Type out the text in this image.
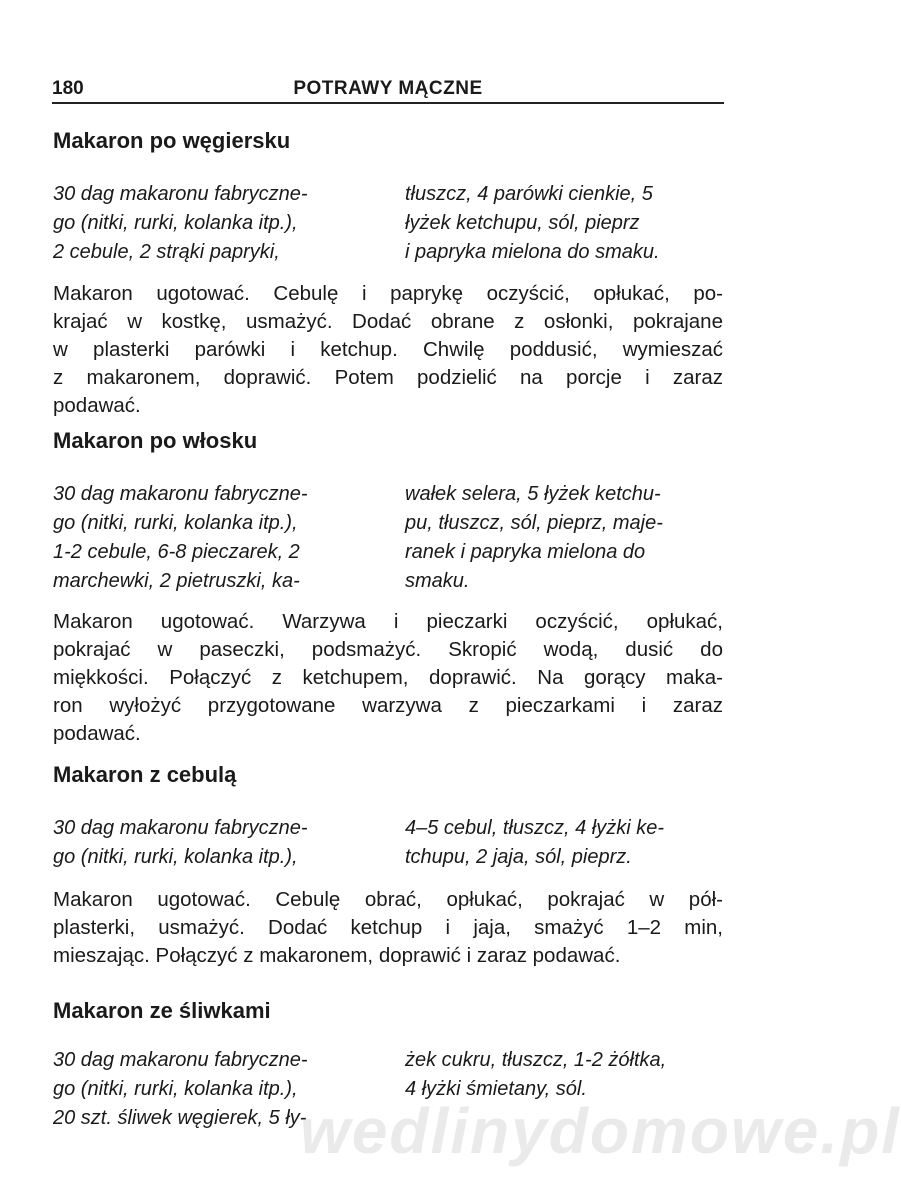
180	POTRAWY MĄCZNE
Makaron po węgiersku
30 dag makaronu fabryczne-
go (nitki, rurki, kolanka itp.),
2 cebule, 2 strąki papryki,
tłuszcz, 4 parówki cienkie, 5
łyżek ketchupu, sól, pieprz
i papryka mielona do smaku.
Makaron ugotować. Cebulę i paprykę oczyścić, opłukać, po-
krajać w kostkę, usmażyć. Dodać obrane z osłonki, pokrajane
w plasterki parówki i ketchup. Chwilę poddusić, wymieszać
z makaronem, doprawić. Potem podzielić na porcje i zaraz
podawać.
Makaron po włosku
30 dag makaronu fabryczne-
go (nitki, rurki, kolanka itp.),
1-2 cebule, 6-8 pieczarek, 2
marchewki, 2 pietruszki, ka-
wałek selera, 5 łyżek ketchu-
pu, tłuszcz, sól, pieprz, maje-
ranek i papryka mielona do
smaku.
Makaron ugotować. Warzywa i pieczarki oczyścić, opłukać,
pokrajać w paseczki, podsmażyć. Skropić wodą, dusić do
miękkości. Połączyć z ketchupem, doprawić. Na gorący maka-
ron wyłożyć przygotowane warzywa z pieczarkami i zaraz
podawać.
Makaron z cebulą
30 dag makaronu fabryczne-
go (nitki, rurki, kolanka itp.),
4–5 cebul, tłuszcz, 4 łyżki ke-
tchupu, 2 jaja, sól, pieprz.
Makaron ugotować. Cebulę obrać, opłukać, pokrajać w pół-
plasterki, usmażyć. Dodać ketchup i jaja, smażyć 1–2 min,
mieszając. Połączyć z makaronem, doprawić i zaraz podawać.
Makaron ze śliwkami
30 dag makaronu fabryczne-
go (nitki, rurki, kolanka itp.),
20 szt. śliwek węgierek, 5 ły-
żek cukru, tłuszcz, 1-2 żółtka,
4 łyżki śmietany, sól.
wedlinydomowe.pl
